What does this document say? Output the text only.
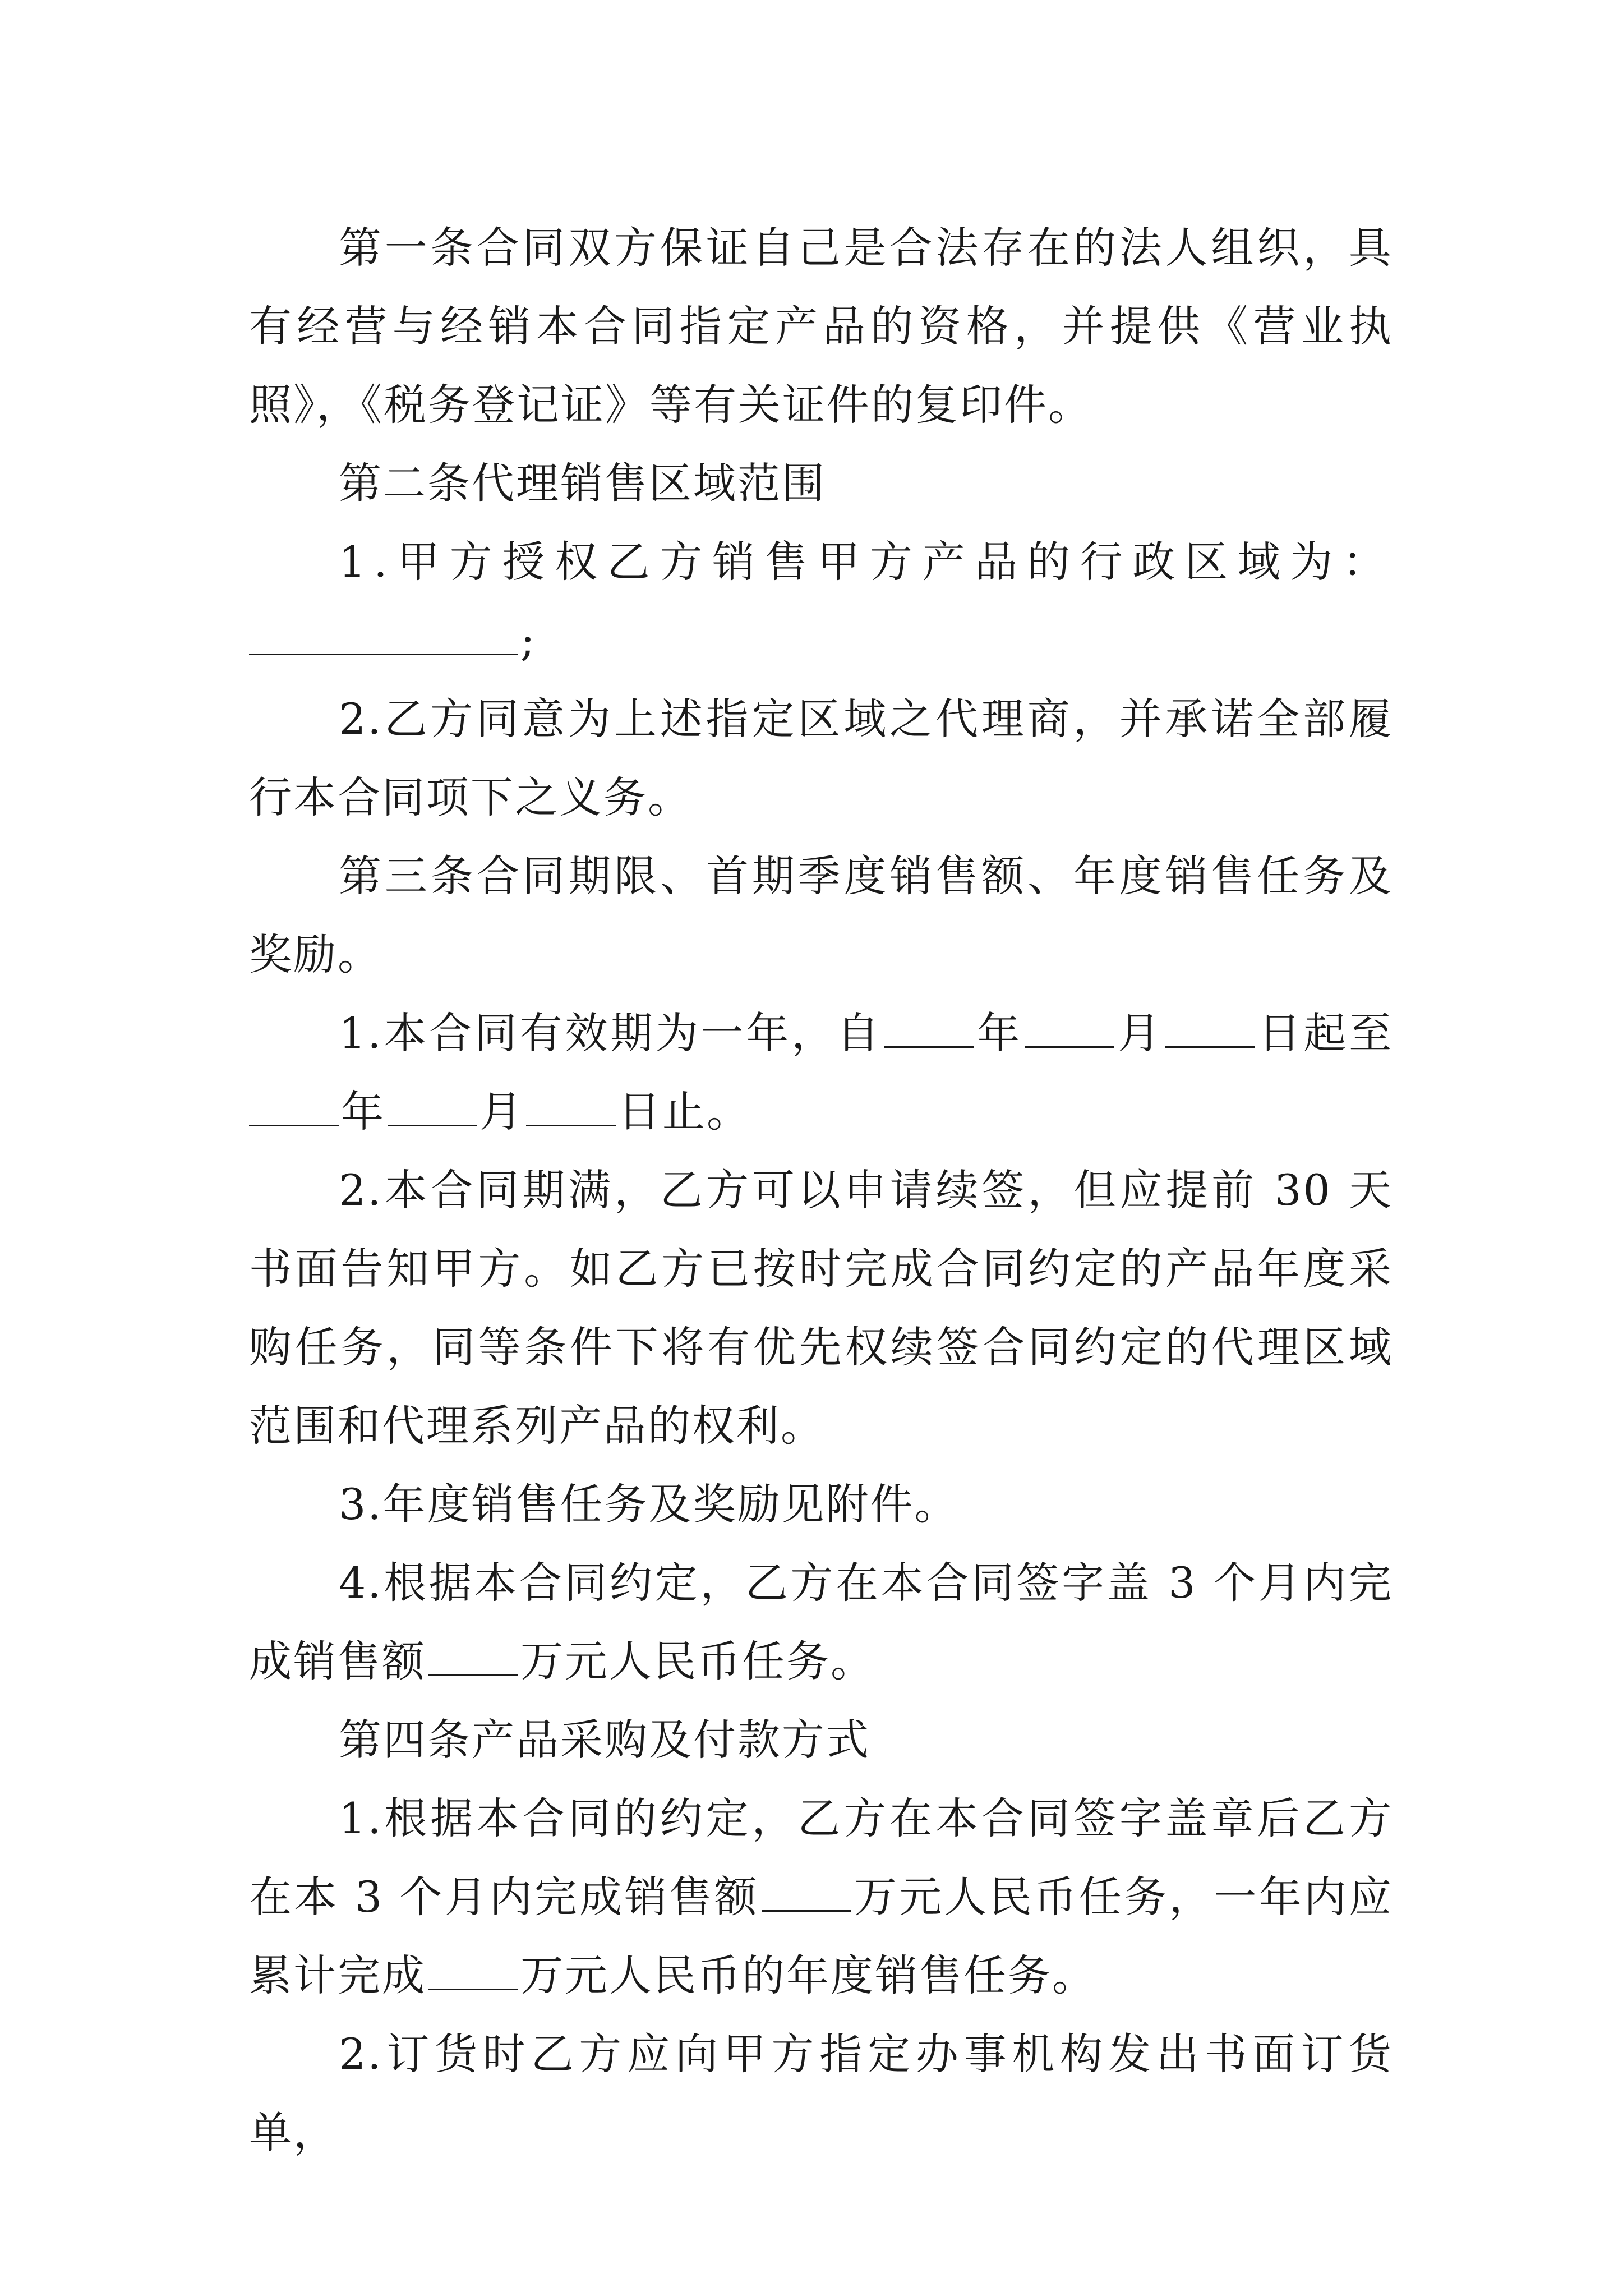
第一条合同双方保证自己是合法存在的法人组织，具有经营与经销本合同指定产品的资格，并提供《营业执照》，《税务登记证》等有关证件的复印件。

第二条代理销售区域范围

1.甲方授权乙方销售甲方产品的行政区域为：

;

2.乙方同意为上述指定区域之代理商，并承诺全部履行本合同项下之义务。

第三条合同期限、首期季度销售额、年度销售任务及奖励。

1.本合同有效期为一年，自 年 月 日起至年 月 日止。

2.本合同期满，乙方可以申请续签，但应提前 30 天书面告知甲方。如乙方已按时完成合同约定的产品年度采购任务，同等条件下将有优先权续签合同约定的代理区域范围和代理系列产品的权利。

3.年度销售任务及奖励见附件。

4.根据本合同约定，乙方在本合同签字盖 3 个月内完成销售额 万元人民币任务。

第四条产品采购及付款方式

1.根据本合同的约定，乙方在本合同签字盖章后乙方在本 3 个月内完成销售额 万元人民币任务，一年内应累计完成 万元人民币的年度销售任务。

2.订货时乙方应向甲方指定办事机构发出书面订货单，
